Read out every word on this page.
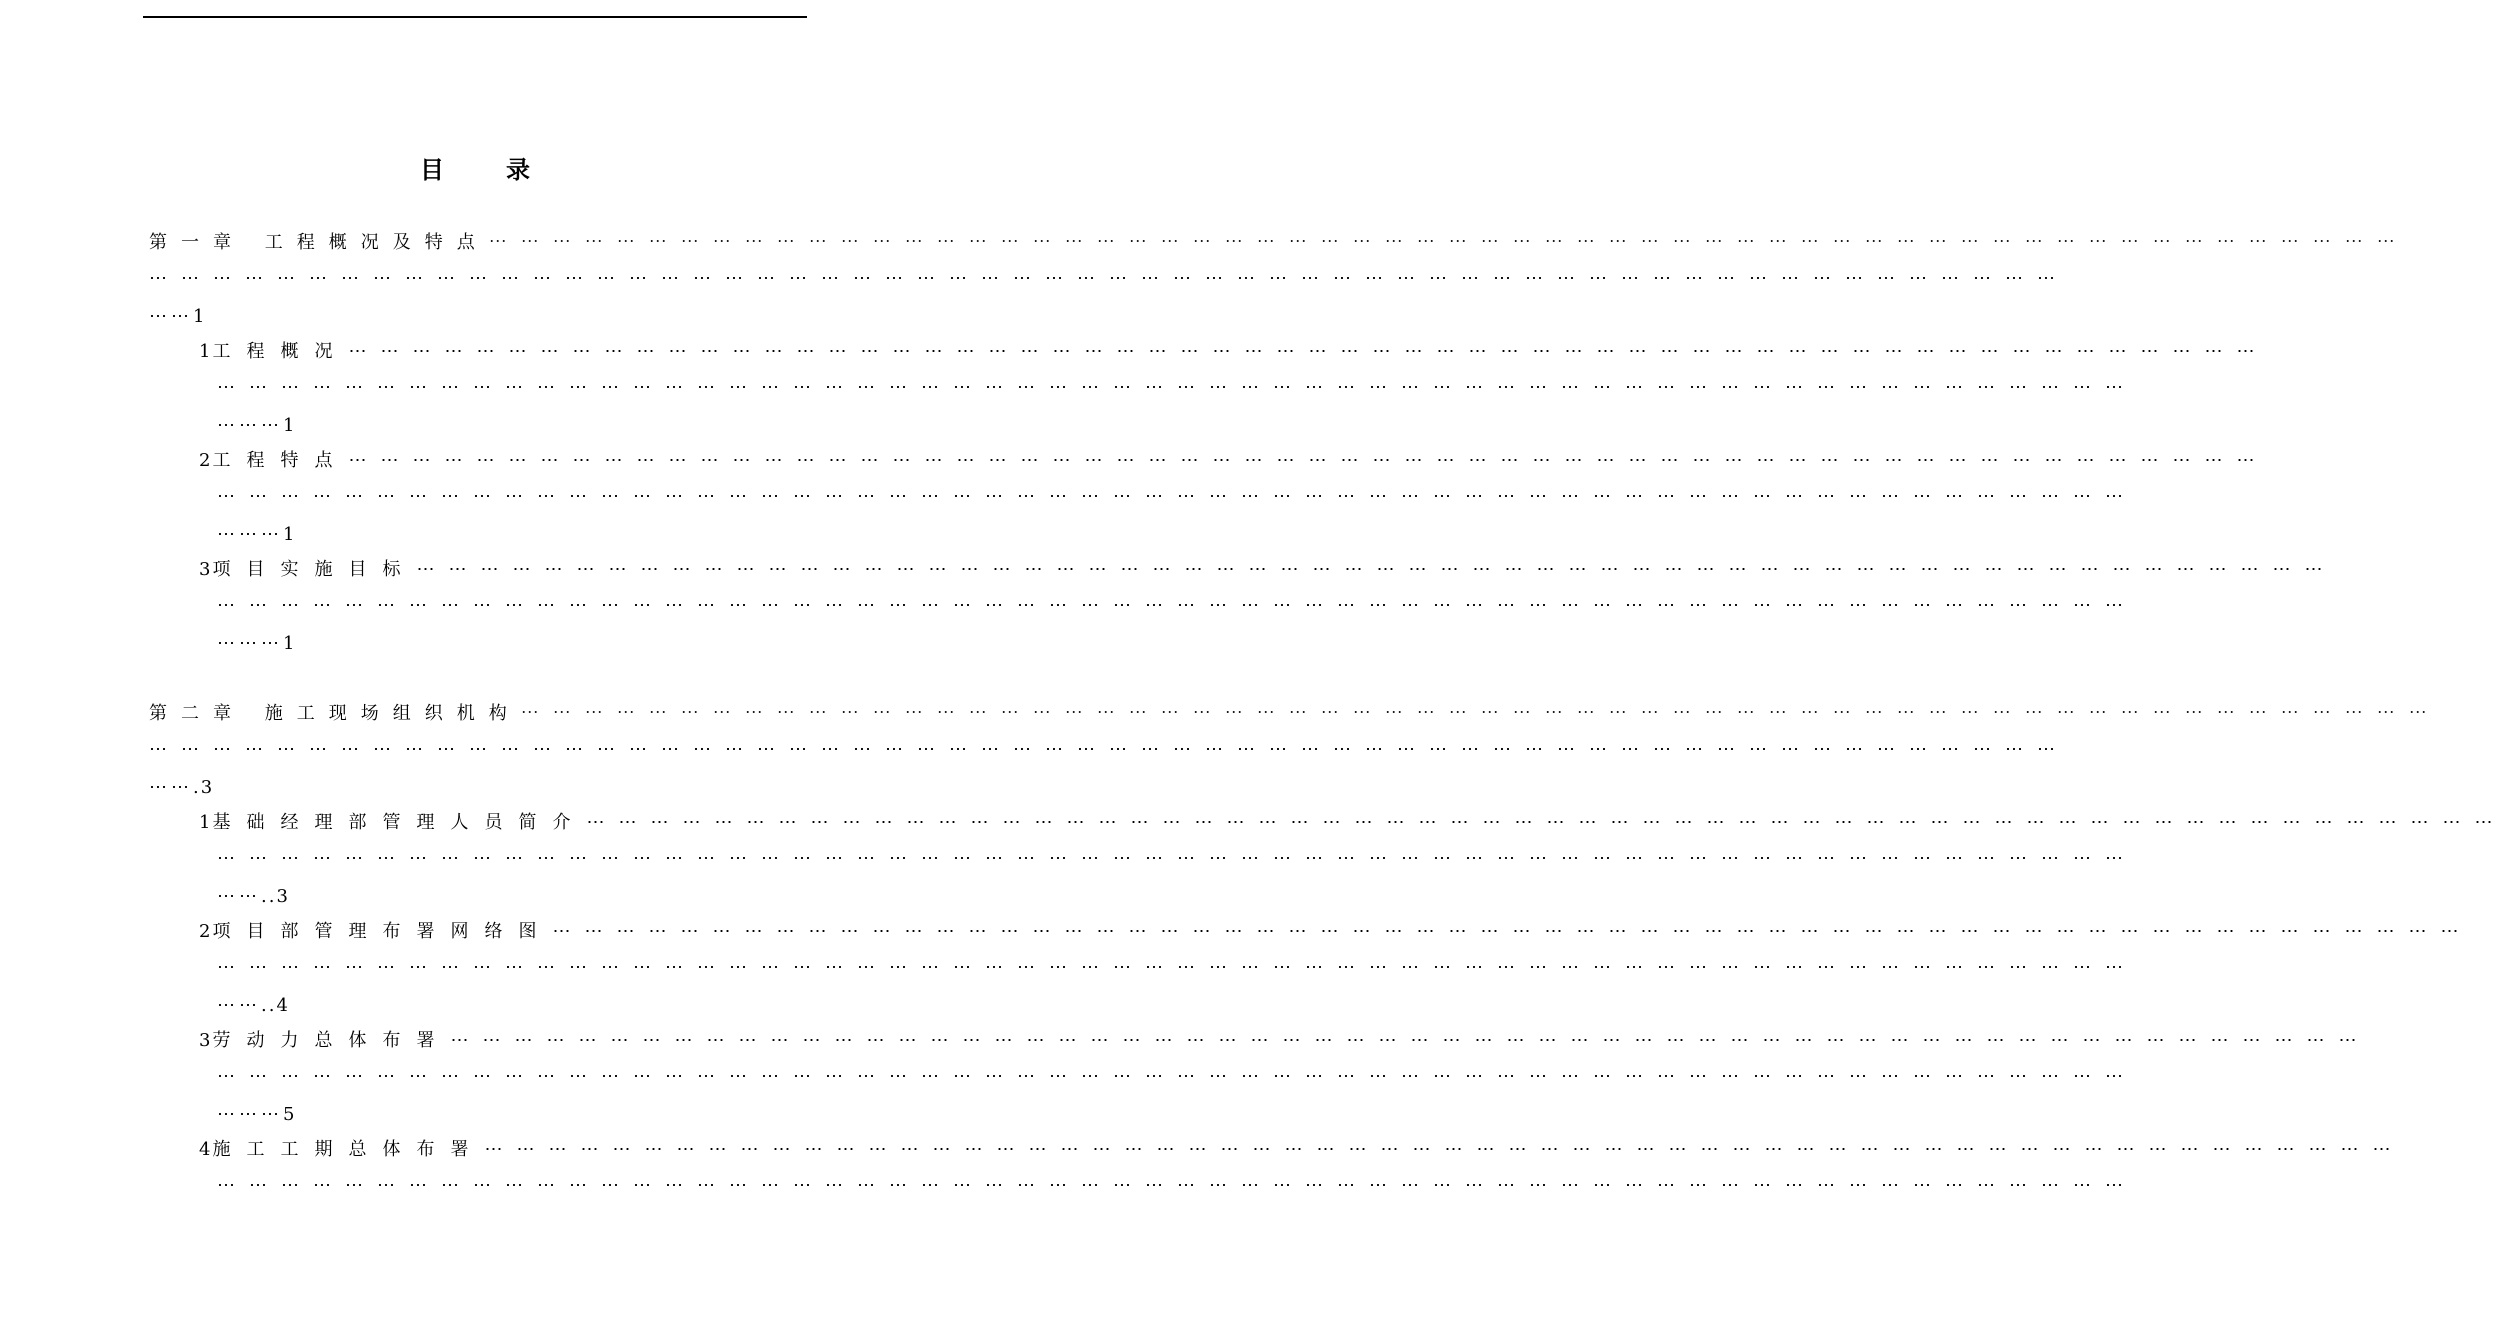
目录
第一章 工程概况及特点⋯⋯⋯⋯⋯⋯⋯⋯⋯⋯⋯⋯⋯⋯⋯⋯⋯⋯⋯⋯⋯⋯⋯⋯⋯⋯⋯⋯⋯⋯⋯⋯⋯⋯⋯⋯⋯⋯⋯⋯⋯⋯⋯⋯⋯⋯⋯⋯⋯⋯⋯⋯⋯⋯⋯⋯⋯⋯⋯⋯
⋯⋯⋯⋯⋯⋯⋯⋯⋯⋯⋯⋯⋯⋯⋯⋯⋯⋯⋯⋯⋯⋯⋯⋯⋯⋯⋯⋯⋯⋯⋯⋯⋯⋯⋯⋯⋯⋯⋯⋯⋯⋯⋯⋯⋯⋯⋯⋯⋯⋯⋯⋯⋯⋯⋯⋯⋯⋯⋯⋯
⋯⋯1
1工程概况⋯⋯⋯⋯⋯⋯⋯⋯⋯⋯⋯⋯⋯⋯⋯⋯⋯⋯⋯⋯⋯⋯⋯⋯⋯⋯⋯⋯⋯⋯⋯⋯⋯⋯⋯⋯⋯⋯⋯⋯⋯⋯⋯⋯⋯⋯⋯⋯⋯⋯⋯⋯⋯⋯⋯⋯⋯⋯⋯⋯
⋯⋯⋯⋯⋯⋯⋯⋯⋯⋯⋯⋯⋯⋯⋯⋯⋯⋯⋯⋯⋯⋯⋯⋯⋯⋯⋯⋯⋯⋯⋯⋯⋯⋯⋯⋯⋯⋯⋯⋯⋯⋯⋯⋯⋯⋯⋯⋯⋯⋯⋯⋯⋯⋯⋯⋯⋯⋯⋯⋯
⋯⋯⋯1
2工程特点⋯⋯⋯⋯⋯⋯⋯⋯⋯⋯⋯⋯⋯⋯⋯⋯⋯⋯⋯⋯⋯⋯⋯⋯⋯⋯⋯⋯⋯⋯⋯⋯⋯⋯⋯⋯⋯⋯⋯⋯⋯⋯⋯⋯⋯⋯⋯⋯⋯⋯⋯⋯⋯⋯⋯⋯⋯⋯⋯⋯
⋯⋯⋯⋯⋯⋯⋯⋯⋯⋯⋯⋯⋯⋯⋯⋯⋯⋯⋯⋯⋯⋯⋯⋯⋯⋯⋯⋯⋯⋯⋯⋯⋯⋯⋯⋯⋯⋯⋯⋯⋯⋯⋯⋯⋯⋯⋯⋯⋯⋯⋯⋯⋯⋯⋯⋯⋯⋯⋯⋯
⋯⋯⋯1
3项目实施目标⋯⋯⋯⋯⋯⋯⋯⋯⋯⋯⋯⋯⋯⋯⋯⋯⋯⋯⋯⋯⋯⋯⋯⋯⋯⋯⋯⋯⋯⋯⋯⋯⋯⋯⋯⋯⋯⋯⋯⋯⋯⋯⋯⋯⋯⋯⋯⋯⋯⋯⋯⋯⋯⋯⋯⋯⋯⋯⋯⋯
⋯⋯⋯⋯⋯⋯⋯⋯⋯⋯⋯⋯⋯⋯⋯⋯⋯⋯⋯⋯⋯⋯⋯⋯⋯⋯⋯⋯⋯⋯⋯⋯⋯⋯⋯⋯⋯⋯⋯⋯⋯⋯⋯⋯⋯⋯⋯⋯⋯⋯⋯⋯⋯⋯⋯⋯⋯⋯⋯⋯
⋯⋯⋯1
第二章 施工现场组织机构⋯⋯⋯⋯⋯⋯⋯⋯⋯⋯⋯⋯⋯⋯⋯⋯⋯⋯⋯⋯⋯⋯⋯⋯⋯⋯⋯⋯⋯⋯⋯⋯⋯⋯⋯⋯⋯⋯⋯⋯⋯⋯⋯⋯⋯⋯⋯⋯⋯⋯⋯⋯⋯⋯⋯⋯⋯⋯⋯⋯
⋯⋯⋯⋯⋯⋯⋯⋯⋯⋯⋯⋯⋯⋯⋯⋯⋯⋯⋯⋯⋯⋯⋯⋯⋯⋯⋯⋯⋯⋯⋯⋯⋯⋯⋯⋯⋯⋯⋯⋯⋯⋯⋯⋯⋯⋯⋯⋯⋯⋯⋯⋯⋯⋯⋯⋯⋯⋯⋯⋯
⋯⋯.3
1基础经理部管理人员简介⋯⋯⋯⋯⋯⋯⋯⋯⋯⋯⋯⋯⋯⋯⋯⋯⋯⋯⋯⋯⋯⋯⋯⋯⋯⋯⋯⋯⋯⋯⋯⋯⋯⋯⋯⋯⋯⋯⋯⋯⋯⋯⋯⋯⋯⋯⋯⋯⋯⋯⋯⋯⋯⋯⋯⋯⋯⋯⋯⋯
⋯⋯⋯⋯⋯⋯⋯⋯⋯⋯⋯⋯⋯⋯⋯⋯⋯⋯⋯⋯⋯⋯⋯⋯⋯⋯⋯⋯⋯⋯⋯⋯⋯⋯⋯⋯⋯⋯⋯⋯⋯⋯⋯⋯⋯⋯⋯⋯⋯⋯⋯⋯⋯⋯⋯⋯⋯⋯⋯⋯
⋯⋯..3
2项目部管理布署网络图⋯⋯⋯⋯⋯⋯⋯⋯⋯⋯⋯⋯⋯⋯⋯⋯⋯⋯⋯⋯⋯⋯⋯⋯⋯⋯⋯⋯⋯⋯⋯⋯⋯⋯⋯⋯⋯⋯⋯⋯⋯⋯⋯⋯⋯⋯⋯⋯⋯⋯⋯⋯⋯⋯⋯⋯⋯⋯⋯⋯
⋯⋯⋯⋯⋯⋯⋯⋯⋯⋯⋯⋯⋯⋯⋯⋯⋯⋯⋯⋯⋯⋯⋯⋯⋯⋯⋯⋯⋯⋯⋯⋯⋯⋯⋯⋯⋯⋯⋯⋯⋯⋯⋯⋯⋯⋯⋯⋯⋯⋯⋯⋯⋯⋯⋯⋯⋯⋯⋯⋯
⋯⋯..4
3劳动力总体布署⋯⋯⋯⋯⋯⋯⋯⋯⋯⋯⋯⋯⋯⋯⋯⋯⋯⋯⋯⋯⋯⋯⋯⋯⋯⋯⋯⋯⋯⋯⋯⋯⋯⋯⋯⋯⋯⋯⋯⋯⋯⋯⋯⋯⋯⋯⋯⋯⋯⋯⋯⋯⋯⋯⋯⋯⋯⋯⋯⋯
⋯⋯⋯⋯⋯⋯⋯⋯⋯⋯⋯⋯⋯⋯⋯⋯⋯⋯⋯⋯⋯⋯⋯⋯⋯⋯⋯⋯⋯⋯⋯⋯⋯⋯⋯⋯⋯⋯⋯⋯⋯⋯⋯⋯⋯⋯⋯⋯⋯⋯⋯⋯⋯⋯⋯⋯⋯⋯⋯⋯
⋯⋯⋯5
4施工工期总体布署⋯⋯⋯⋯⋯⋯⋯⋯⋯⋯⋯⋯⋯⋯⋯⋯⋯⋯⋯⋯⋯⋯⋯⋯⋯⋯⋯⋯⋯⋯⋯⋯⋯⋯⋯⋯⋯⋯⋯⋯⋯⋯⋯⋯⋯⋯⋯⋯⋯⋯⋯⋯⋯⋯⋯⋯⋯⋯⋯⋯
⋯⋯⋯⋯⋯⋯⋯⋯⋯⋯⋯⋯⋯⋯⋯⋯⋯⋯⋯⋯⋯⋯⋯⋯⋯⋯⋯⋯⋯⋯⋯⋯⋯⋯⋯⋯⋯⋯⋯⋯⋯⋯⋯⋯⋯⋯⋯⋯⋯⋯⋯⋯⋯⋯⋯⋯⋯⋯⋯⋯
